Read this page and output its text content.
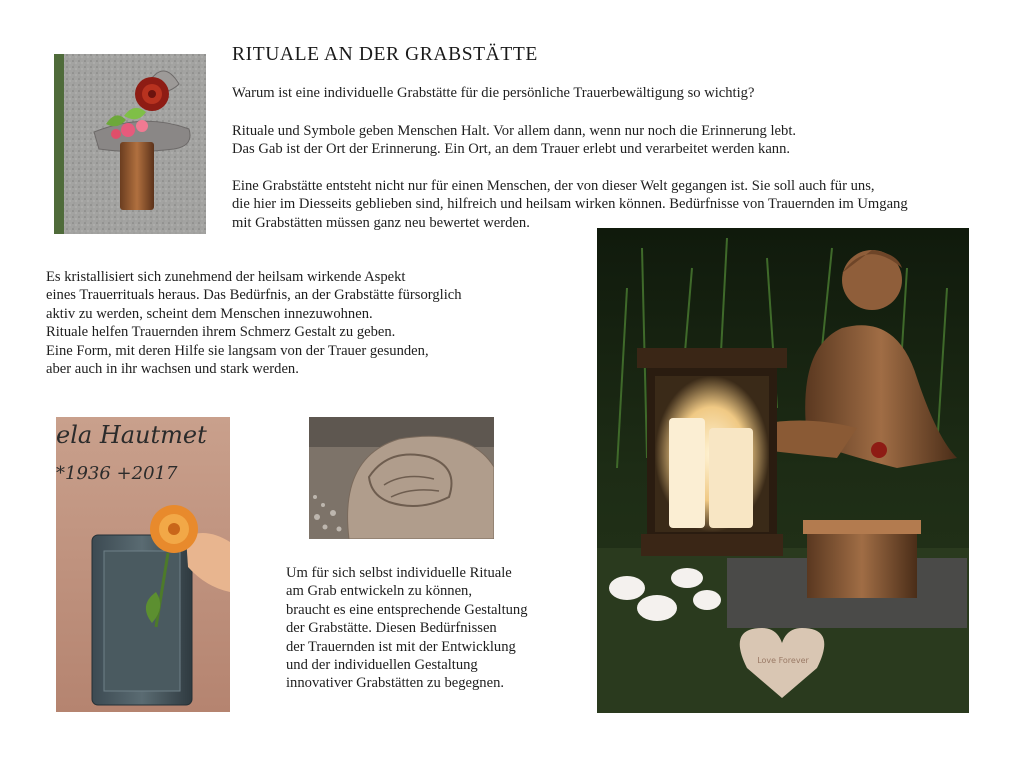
RITUALE AN DER GRABSTÄTTE
Warum ist eine individuelle Grabstätte für die persönliche Trauerbewältigung so wichtig?
Rituale und Symbole geben Menschen Halt. Vor allem dann, wenn nur noch die Erinnerung lebt.
Das Gab ist der Ort der Erinnerung. Ein Ort, an dem Trauer erlebt und verarbeitet werden kann.
Eine Grabstätte entsteht nicht nur für einen Menschen, der von dieser Welt gegangen ist. Sie soll auch für uns,
die hier im Diesseits geblieben sind, hilfreich und heilsam wirken können. Bedürfnisse von Trauernden im Umgang
mit Grabstätten müssen ganz neu bewertet werden.
Es kristallisiert sich zunehmend der heilsam wirkende Aspekt
eines Trauerrituals heraus. Das Bedürfnis, an der Grabstätte fürsorglich
aktiv zu werden, scheint dem Menschen innezuwohnen.
Rituale helfen Trauernden ihrem Schmerz Gestalt zu geben.
Eine Form, mit deren Hilfe sie langsam von der Trauer gesunden,
aber auch in ihr wachsen und stark werden.
Um für sich selbst individuelle Rituale
am Grab entwickeln zu können,
braucht es eine entsprechende Gestaltung
der Grabstätte. Diesen Bedürfnissen
der Trauernden ist mit der Entwicklung
und der individuellen Gestaltung
innovativer Grabstätten zu begegnen.
ela Hautmet
*1936 +2017
Love Forever
